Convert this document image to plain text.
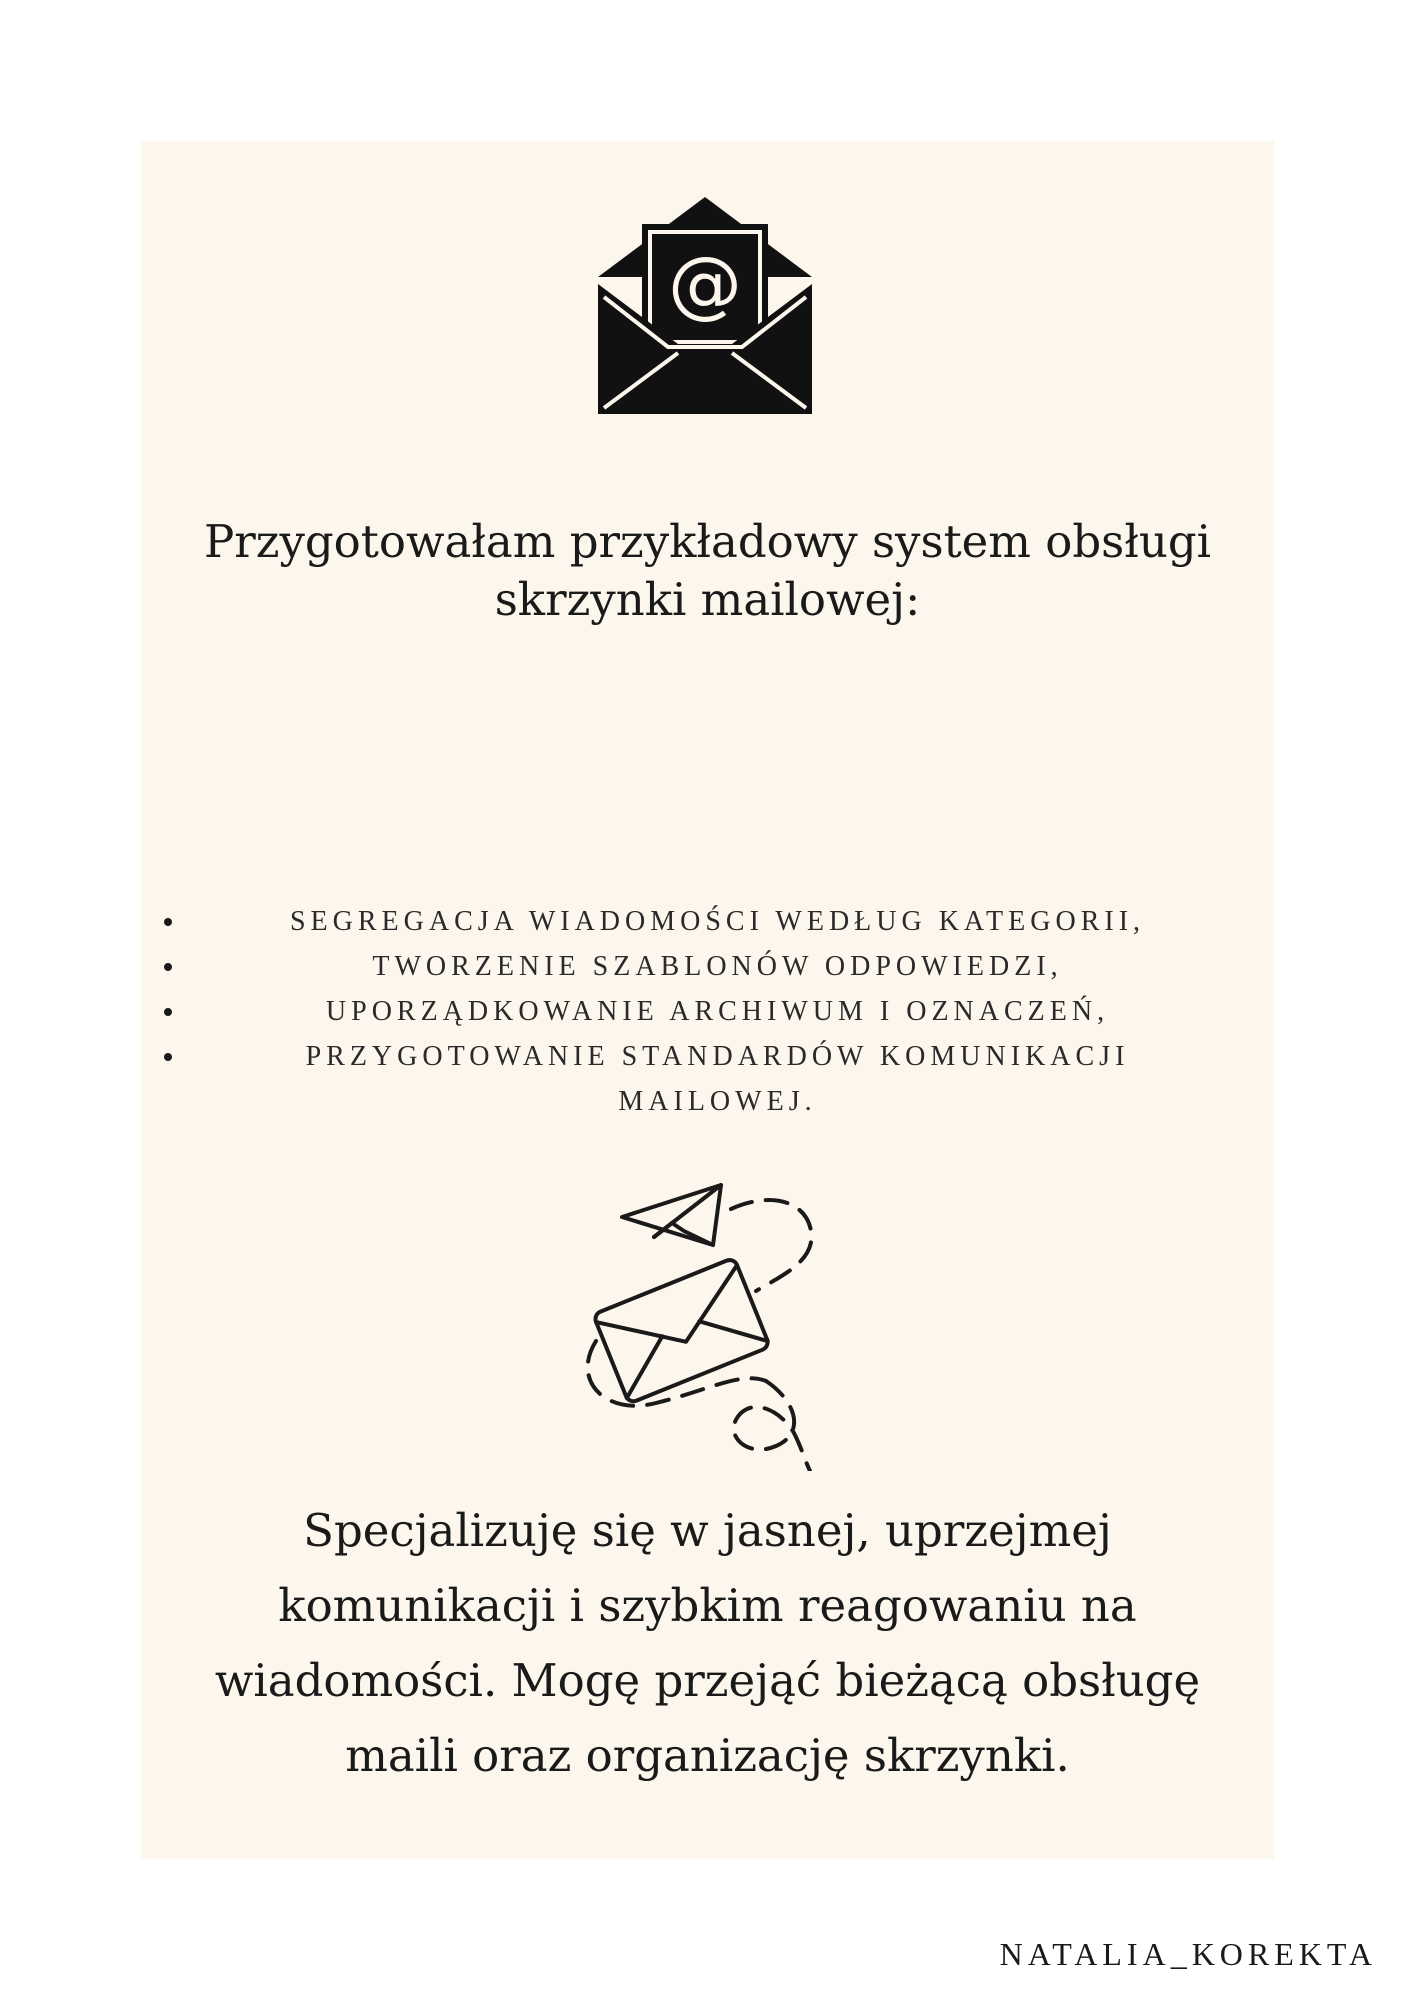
@
Przygotowałam przykładowy system obsługi
skrzynki mailowej:
SEGREGACJA WIADOMOŚCI WEDŁUG KATEGORII,
TWORZENIE SZABLONÓW ODPOWIEDZI,
UPORZĄDKOWANIE ARCHIWUM I OZNACZEŃ,
PRZYGOTOWANIE STANDARDÓW KOMUNIKACJI MAILOWEJ.
Specjalizuję się w jasnej, uprzejmej
komunikacji i szybkim reagowaniu na
wiadomości. Mogę przejąć bieżącą obsługę
maili oraz organizację skrzynki.
NATALIA_KOREKTA
